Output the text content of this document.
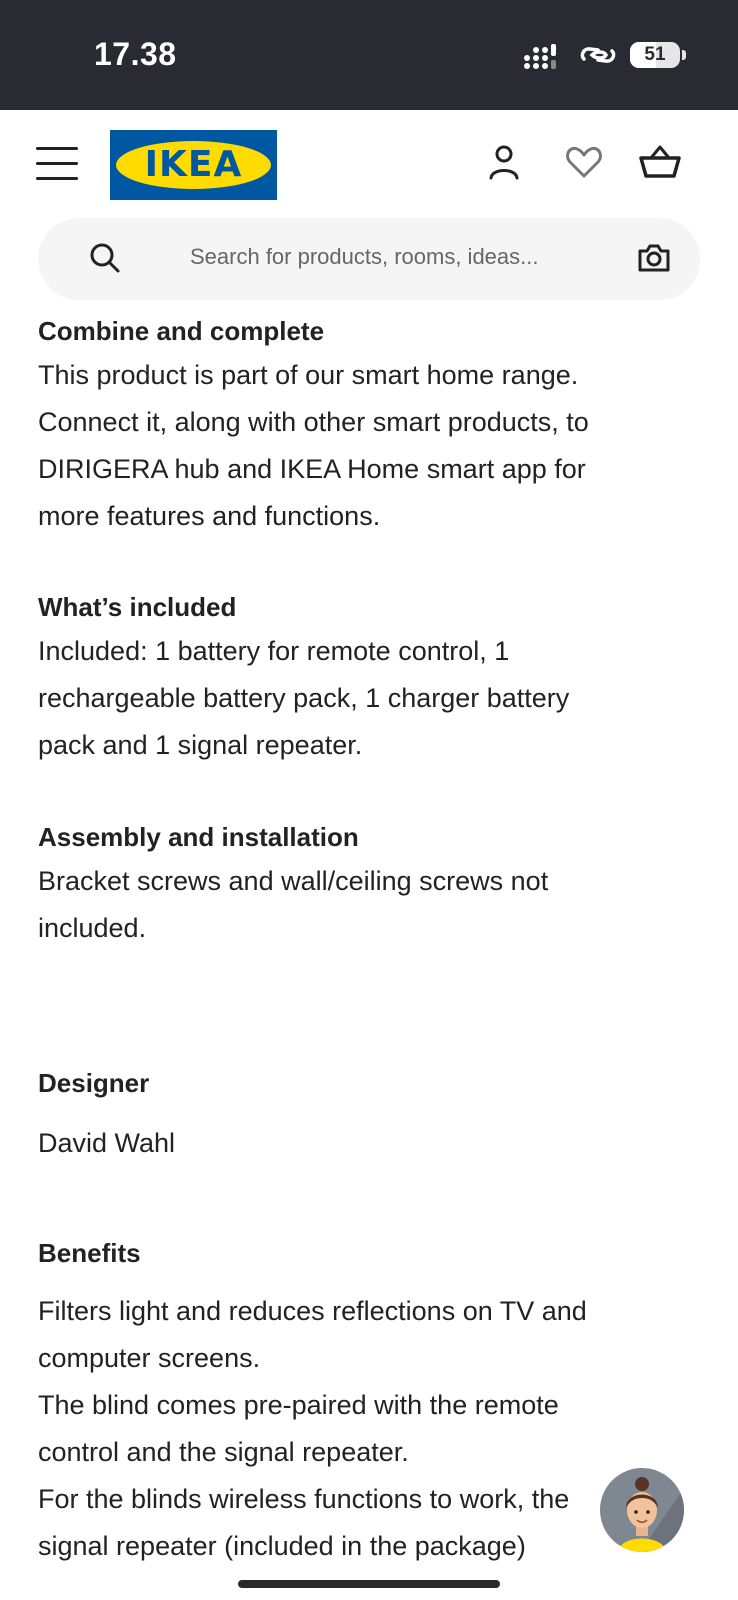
17.38	51
IKEA
Search for products, rooms, ideas...
Combine and complete
This product is part of our smart home range. Connect it, along with other smart products, to DIRIGERA hub and IKEA Home smart app for more features and functions.
What’s included
Included: 1 battery for remote control, 1 rechargeable battery pack, 1 charger battery pack and 1 signal repeater.
Assembly and installation
Bracket screws and wall/ceiling screws not included.
Designer
David Wahl
Benefits
Filters light and reduces reflections on TV and computer screens.
The blind comes pre-paired with the remote control and the signal repeater.
For the blinds wireless functions to work, the signal repeater (included in the package)
